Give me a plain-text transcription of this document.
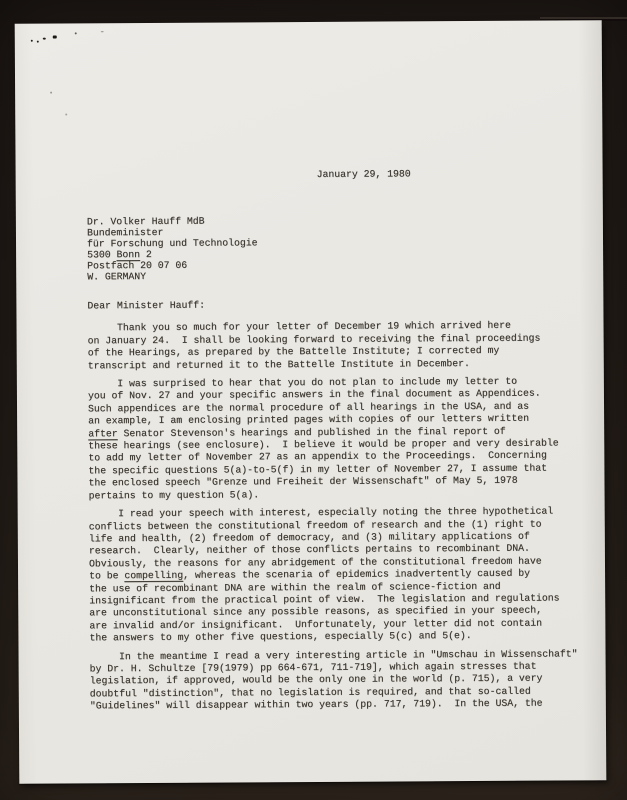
January 29, 1980
Dr. Volker Hauff MdB
Bundeminister
für Forschung und Technologie
5300 Bonn 2
Postfach 20 07 06
W. GERMANY
Dear Minister Hauff:
Thank you so much for your letter of December 19 which arrived here
on January 24.  I shall be looking forward to receiving the final proceedings
of the Hearings, as prepared by the Battelle Institute; I corrected my
transcript and returned it to the Battelle Institute in December.
I was surprised to hear that you do not plan to include my letter to
you of Nov. 27 and your specific answers in the final document as Appendices.
Such appendices are the normal procedure of all hearings in the USA, and as
an example, I am enclosing printed pages with copies of our letters written
after Senator Stevenson's hearings and published in the final report of
these hearings (see enclosure).  I believe it would be proper and very desirable
to add my letter of November 27 as an appendix to the Proceedings.  Concerning
the specific questions 5(a)-to-5(f) in my letter of November 27, I assume that
the enclosed speech "Grenze und Freiheit der Wissenschaft" of May 5, 1978
pertains to my question 5(a).
I read your speech with interest, especially noting the three hypothetical
conflicts between the constitutional freedom of research and the (1) right to
life and health, (2) freedom of democracy, and (3) military applications of
research.  Clearly, neither of those conflicts pertains to recombinant DNA.
Obviously, the reasons for any abridgement of the constitutional freedom have
to be compelling, whereas the scenaria of epidemics inadvertently caused by
the use of recombinant DNA are within the realm of science-fiction and
insignificant from the practical point of view.  The legislation and regulations
are unconstitutional since any possible reasons, as specified in your speech,
are invalid and/or insignificant.  Unfortunately, your letter did not contain
the answers to my other five questions, especially 5(c) and 5(e).
In the meantime I read a very interesting article in "Umschau in Wissenschaft"
by Dr. H. Schultze [79(1979) pp 664-671, 711-719], which again stresses that
legislation, if approved, would be the only one in the world (p. 715), a very
doubtful "distinction", that no legislation is required, and that so-called
"Guidelines" will disappear within two years (pp. 717, 719).  In the USA, the
